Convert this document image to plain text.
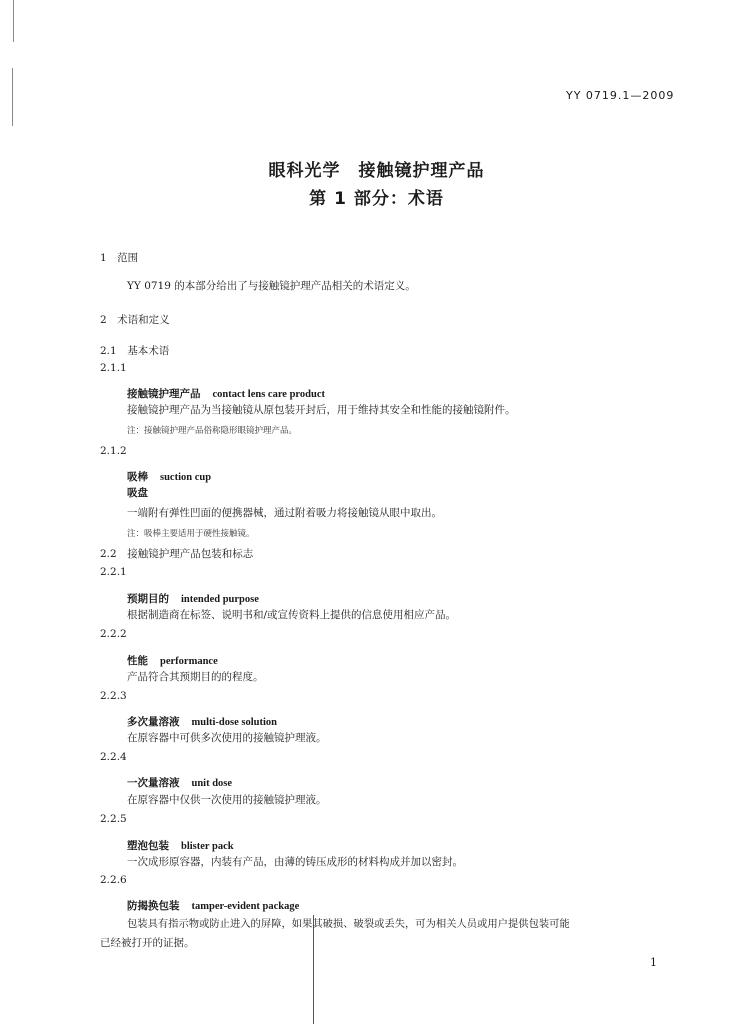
YY 0719.1—2009
眼科光学　接触镜护理产品
第 1 部分：术语
1　范围
YY 0719 的本部分给出了与接触镜护理产品相关的术语定义。
2　术语和定义
2.1　基本术语
2.1.1
接触镜护理产品 contact lens care product
接触镜护理产品为当接触镜从原包装开封后，用于维持其安全和性能的接触镜附件。
注：接触镜护理产品俗称隐形眼镜护理产品。
2.1.2
吸棒 suction cup
吸盘
一端附有弹性凹面的便携器械，通过附着吸力将接触镜从眼中取出。
注：吸棒主要适用于硬性接触镜。
2.2　接触镜护理产品包装和标志
2.2.1
预期目的 intended purpose
根据制造商在标签、说明书和/或宣传资料上提供的信息使用相应产品。
2.2.2
性能 performance
产品符合其预期目的的程度。
2.2.3
多次量溶液 multi-dose solution
在原容器中可供多次使用的接触镜护理液。
2.2.4
一次量溶液 unit dose
在原容器中仅供一次使用的接触镜护理液。
2.2.5
塑泡包装 blister pack
一次成形原容器，内装有产品，由薄的铸压成形的材料构成并加以密封。
2.2.6
防揭换包装 tamper-evident package
包装具有指示物或防止进入的屏障，如果其破损、破裂或丢失，可为相关人员或用户提供包装可能
已经被打开的证据。
1
